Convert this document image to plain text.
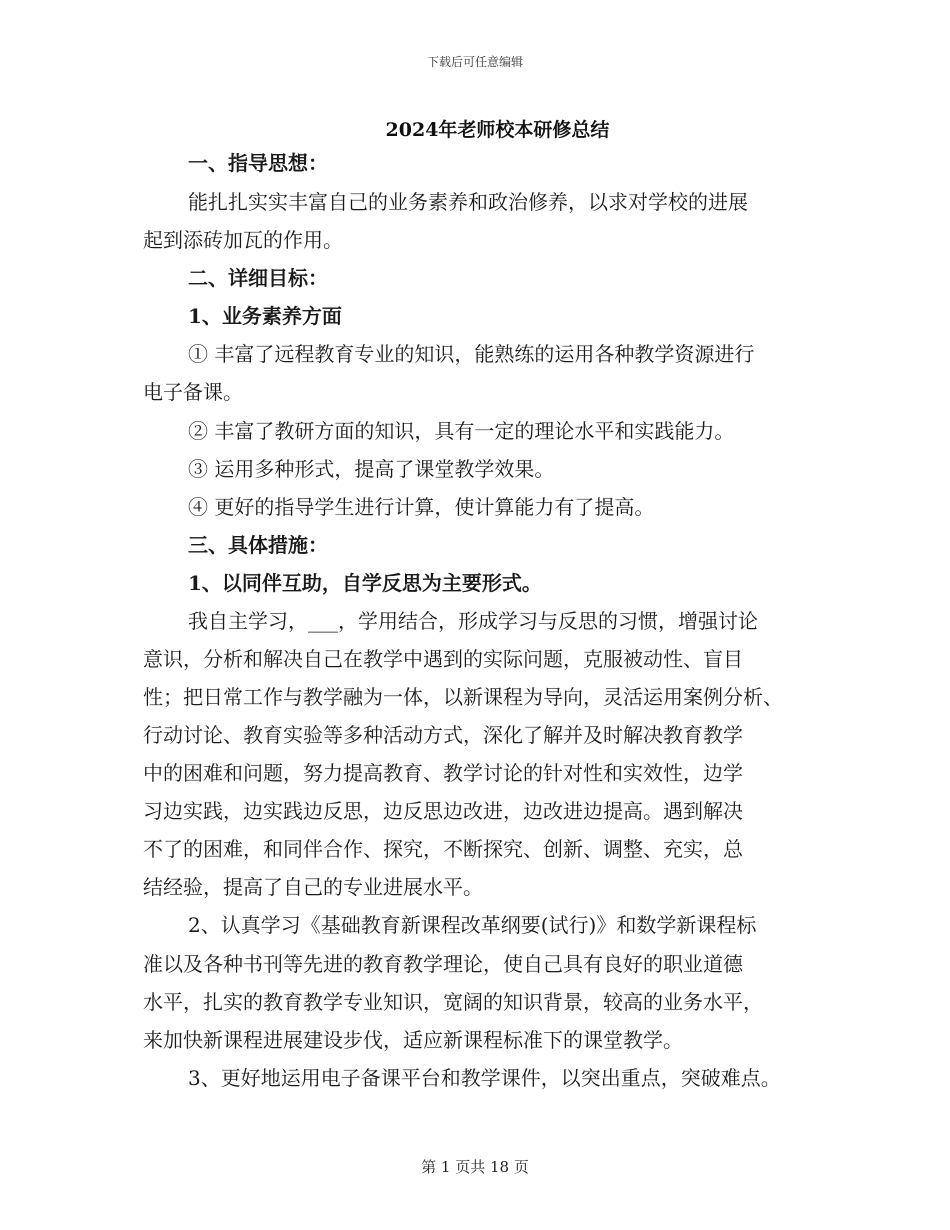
下载后可任意编辑
2024年老师校本研修总结
一、指导思想：
能扎扎实实丰富自己的业务素养和政治修养，以求对学校的进展
起到添砖加瓦的作用。
二、详细目标：
1、业务素养方面
① 丰富了远程教育专业的知识，能熟练的运用各种教学资源进行
电子备课。
② 丰富了教研方面的知识，具有一定的理论水平和实践能力。
③ 运用多种形式，提高了课堂教学效果。
④ 更好的指导学生进行计算，使计算能力有了提高。
三、具体措施：
1、以同伴互助，自学反思为主要形式。
我自主学习，___，学用结合，形成学习与反思的习惯，增强讨论
意识，分析和解决自己在教学中遇到的实际问题，克服被动性、盲目
性；把日常工作与教学融为一体，以新课程为导向，灵活运用案例分析、
行动讨论、教育实验等多种活动方式，深化了解并及时解决教育教学
中的困难和问题，努力提高教育、教学讨论的针对性和实效性，边学
习边实践，边实践边反思，边反思边改进，边改进边提高。遇到解决
不了的困难，和同伴合作、探究，不断探究、创新、调整、充实，总
结经验，提高了自己的专业进展水平。
2、认真学习《基础教育新课程改革纲要(试行)》和数学新课程标
准以及各种书刊等先进的教育教学理论，使自己具有良好的职业道德
水平，扎实的教育教学专业知识，宽阔的知识背景，较高的业务水平，
来加快新课程进展建设步伐，适应新课程标准下的课堂教学。
3、更好地运用电子备课平台和教学课件，以突出重点，突破难点。
第 1 页共 18 页
